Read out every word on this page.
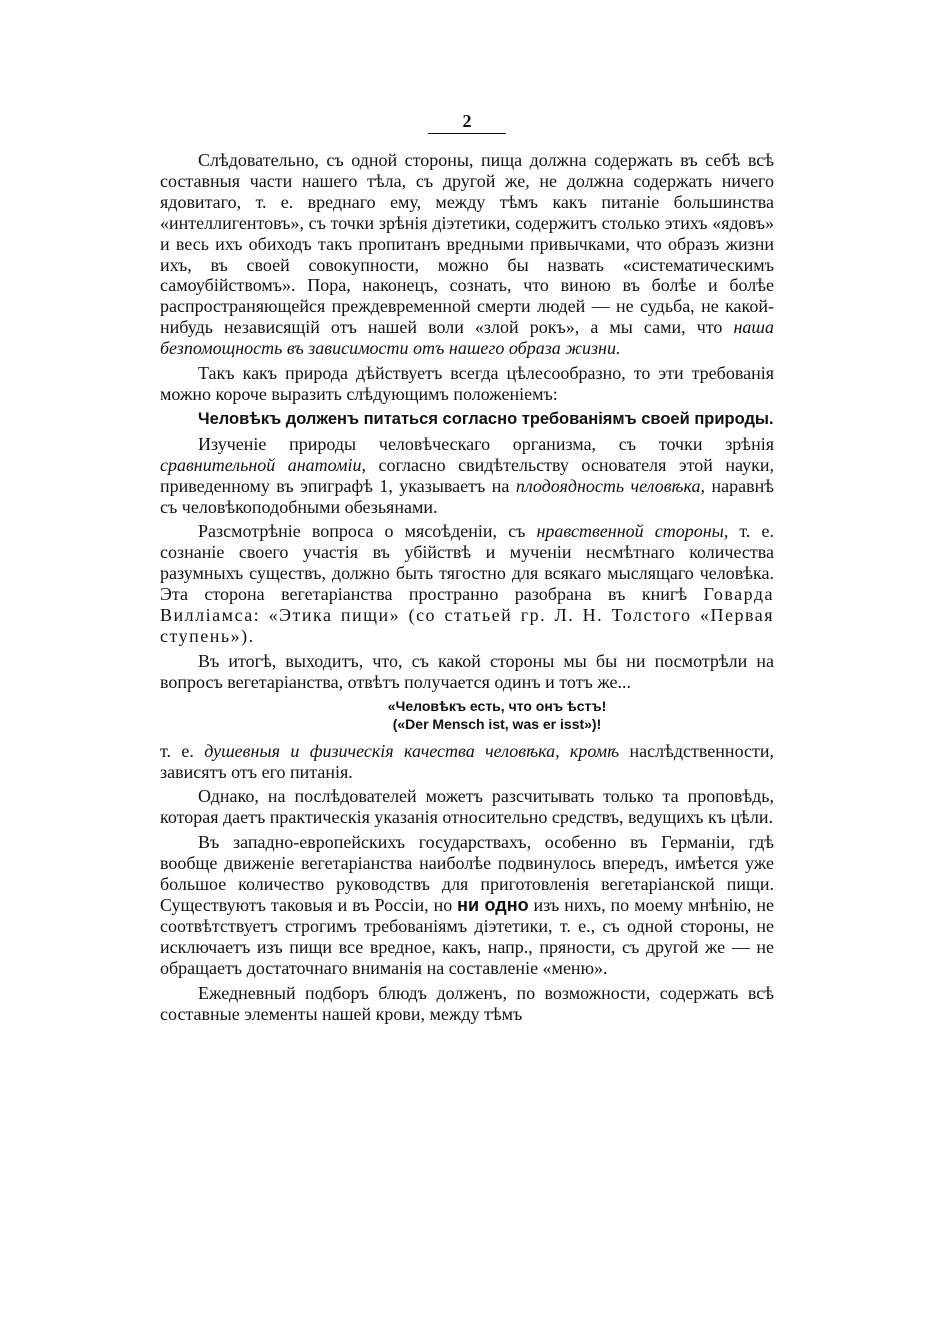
2

Слѣдовательно, съ одной стороны, пища должна содержать въ себѣ всѣ составныя части нашего тѣла, съ другой же, не должна содержать ничего ядовитаго, т. е. вреднаго ему, между тѣмъ какъ питаніе большинства «интеллигентовъ», съ точки зрѣнія діэтетики, содержитъ столько этихъ «ядовъ» и весь ихъ обиходъ такъ пропитанъ вредными привычками, что образъ жизни ихъ, въ своей совокупности, можно бы назвать «систематическимъ самоубійствомъ». Пора, наконецъ, сознать, что виною въ болѣе и болѣе распространяющейся преждевременной смерти людей — не судьба, не какой-нибудь независящій отъ нашей воли «злой рокъ», а мы сами, что наша безпомощность въ зависимости отъ нашего образа жизни.

Такъ какъ природа дѣйствуетъ всегда цѣлесообразно, то эти требованія можно короче выразить слѣдующимъ положеніемъ:

Человѣкъ долженъ питаться согласно требованіямъ своей природы.

Изученіе природы человѣческаго организма, съ точки зрѣнія сравнительной анатоміи, согласно свидѣтельству основателя этой науки, приведенному въ эпиграфѣ 1, указываетъ на плодоядность человѣка, наравнѣ съ человѣкоподобными обезьянами.

Разсмотрѣніе вопроса о мясоѣденіи, съ нравственной стороны, т. е. сознаніе своего участія въ убійствѣ и мученіи несмѣтнаго количества разумныхъ существъ, должно быть тягостно для всякаго мыслящаго человѣка. Эта сторона вегетаріанства пространно разобрана въ книгѣ Говарда Вилліамса: «Этика пищи» (со статьей гр. Л. Н. Толстого «Первая ступень»).

Въ итогѣ, выходитъ, что, съ какой стороны мы бы ни посмотрѣли на вопросъ вегетаріанства, отвѣтъ получается одинъ и тотъ же...

«Человѣкъ есть, что онъ ѣстъ!
(«Der Mensch ist, was er isst»)!

т. е. душевныя и физическія качества человѣка, кромѣ наслѣдственности, зависятъ отъ его питанія.

Однако, на послѣдователей можетъ разсчитывать только та проповѣдь, которая даетъ практическія указанія относительно средствъ, ведущихъ къ цѣли.

Въ западно-европейскихъ государствахъ, особенно въ Германіи, гдѣ вообще движеніе вегетаріанства наиболѣе подвинулось впередъ, имѣется уже большое количество руководствъ для приготовленія вегетаріанской пищи. Существуютъ таковыя и въ Россіи, но ни одно изъ нихъ, по моему мнѣнію, не соотвѣтствуетъ строгимъ требованіямъ діэтетики, т. е., съ одной стороны, не исключаетъ изъ пищи все вредное, какъ, напр., пряности, съ другой же — не обращаетъ достаточнаго вниманія на составленіе «меню».

Ежедневный подборъ блюдъ долженъ, по возможности, содержать всѣ составные элементы нашей крови, между тѣмъ
